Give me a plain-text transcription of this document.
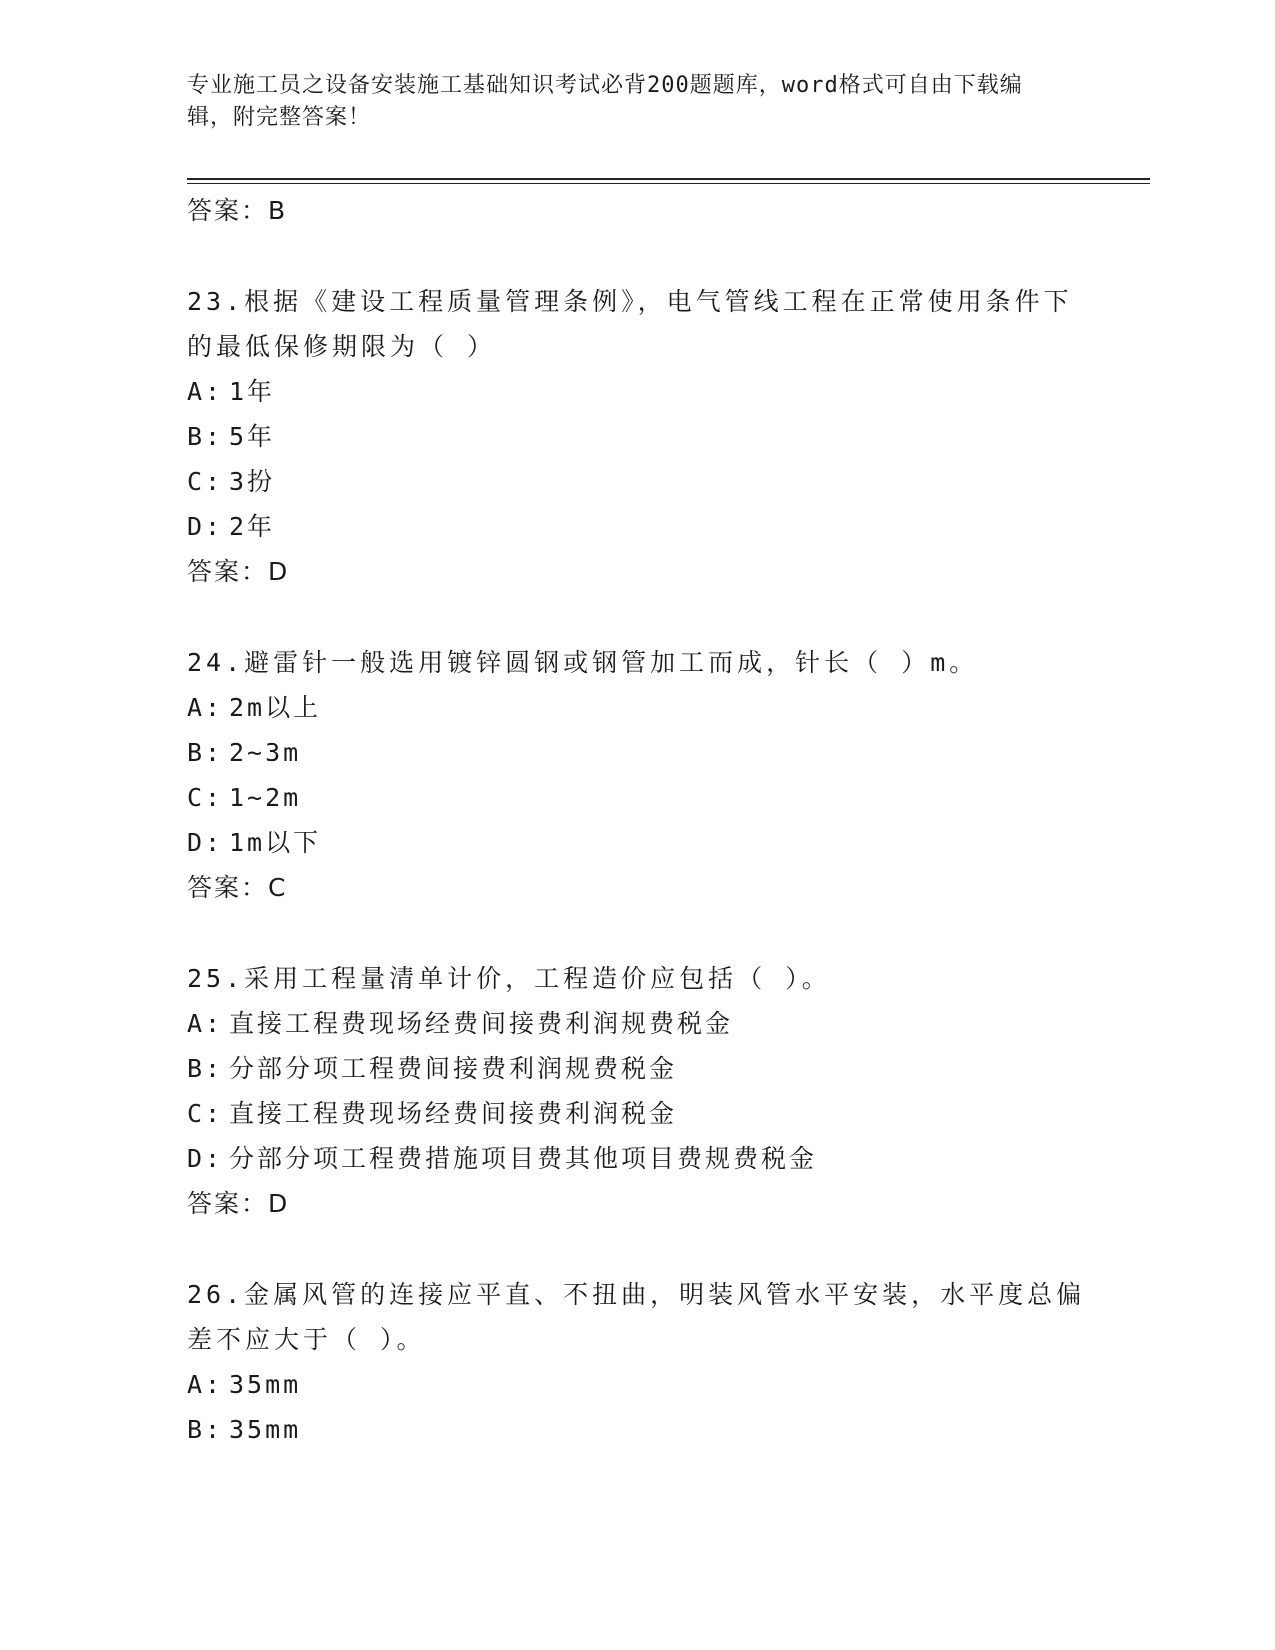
专业施工员之设备安装施工基础知识考试必背200题题库，word格式可自由下载编辑，附完整答案！
答案：B
23.根据《建设工程质量管理条例》，电气管线工程在正常使用条件下的最低保修期限为（ ）
A: 1年
B: 5年
C: 3扮
D: 2年
答案：D
24.避雷针一般选用镀锌圆钢或钢管加工而成，针长（ ）m。
A: 2m以上
B: 2~3m
C: 1~2m
D: 1m以下
答案：C
25.采用工程量清单计价，工程造价应包括（ ）。
A: 直接工程费现场经费间接费利润规费税金
B: 分部分项工程费间接费利润规费税金
C: 直接工程费现场经费间接费利润税金
D: 分部分项工程费措施项目费其他项目费规费税金
答案：D
26.金属风管的连接应平直、不扭曲，明装风管水平安装，水平度总偏差不应大于（ ）。
A: 35mm
B: 35mm
